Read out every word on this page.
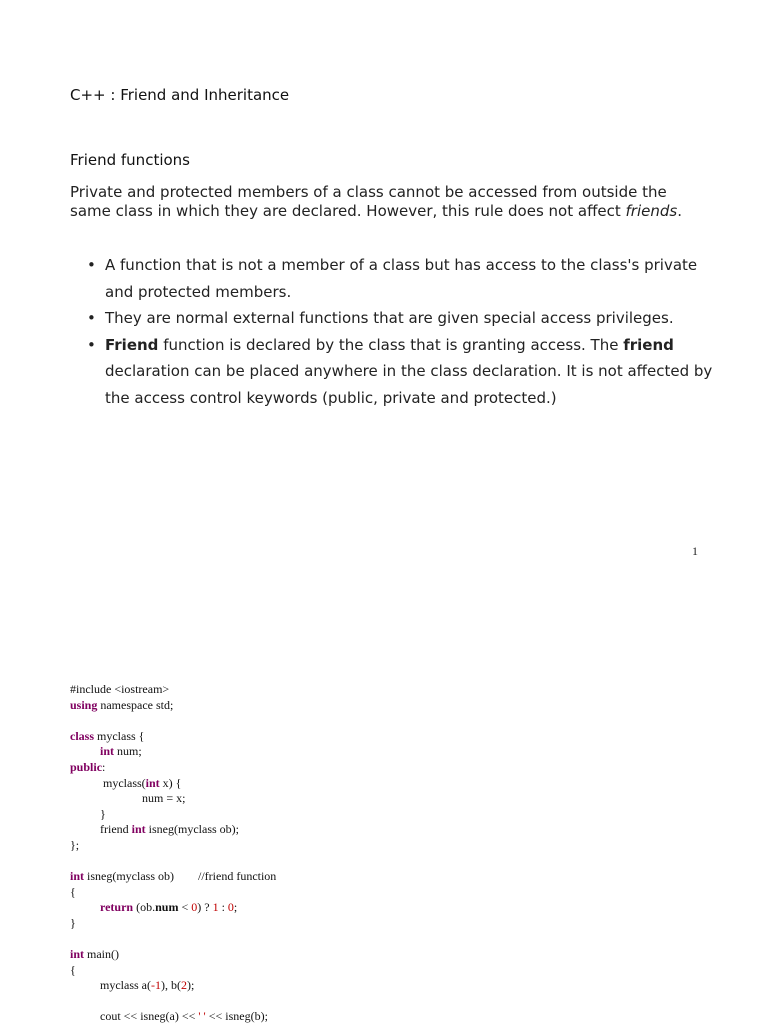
C++ : Friend and Inheritance
Friend functions

Private and protected members of a class cannot be accessed from outside the same class in which they are declared. However, this rule does not affect friends.

• A function that is not a member of a class but has access to the class's private and protected members.
• They are normal external functions that are given special access privileges.
• Friend function is declared by the class that is granting access. The friend declaration can be placed anywhere in the class declaration. It is not affected by the access control keywords (public, private and protected.)
1
#include <iostream>
using namespace std;
class myclass {
int num;
public:
myclass(int x) {
num = x;
}
friend int isneg(myclass ob);
};
int isneg(myclass ob)        //friend function
{
return (ob.num < 0) ? 1 : 0;
}
int main()
{
myclass a(-1), b(2);
cout << isneg(a) << ' ' << isneg(b);
